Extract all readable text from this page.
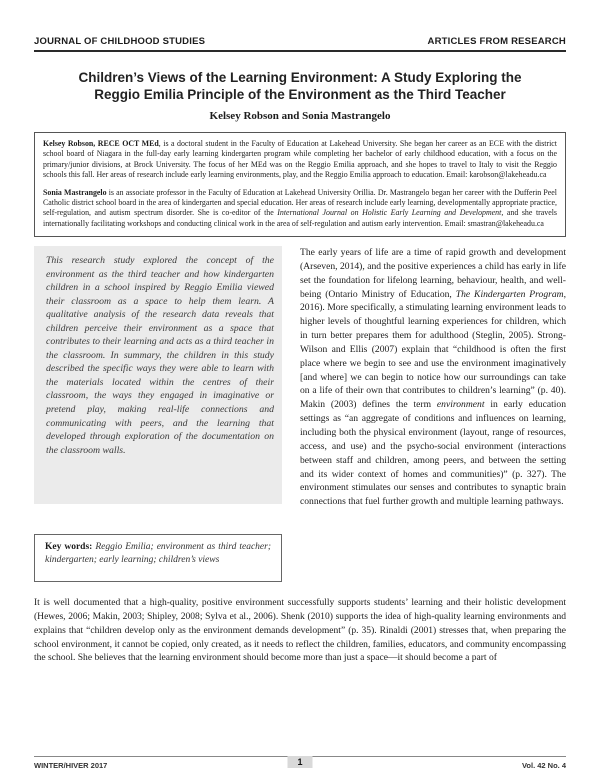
JOURNAL OF CHILDHOOD STUDIES	ARTICLES FROM RESEARCH
Children’s Views of the Learning Environment: A Study Exploring the
Reggio Emilia Principle of the Environment as the Third Teacher
Kelsey Robson and Sonia Mastrangelo

Kelsey Robson, RECE OCT MEd, is a doctoral student in the Faculty of Education at Lakehead University. She began her career as an ECE with the district school board of Niagara in the full-day early learning kindergarten program while completing her bachelor of early childhood education, with a focus on the primary/junior divisions, at Brock University. The focus of her MEd was on the Reggio Emilia approach, and she hopes to travel to Italy to visit the Reggio schools this fall. Her areas of research include early learning environments, play, and the Reggio Emilia approach to education. Email: karobson@lakeheadu.ca

Sonia Mastrangelo is an associate professor in the Faculty of Education at Lakehead University Orillia. Dr. Mastrangelo began her career with the Dufferin Peel Catholic district school board in the area of kindergarten and special education. Her areas of research include early learning, developmentally appropriate practice, self-regulation, and autism spectrum disorder. She is co-editor of the International Journal on Holistic Early Learning and Development, and she travels internationally facilitating workshops and conducting clinical work in the area of self-regulation and autism early intervention. Email: smastran@lakeheadu.ca

This research study explored the concept of the environment as the third teacher and how kindergarten children in a school inspired by Reggio Emilia viewed their classroom as a space to help them learn. A qualitative analysis of the research data reveals that children perceive their environment as a space that contributes to their learning and acts as a third teacher in the classroom. In summary, the children in this study described the specific ways they were able to learn with the materials located within the centres of their classroom, the ways they engaged in imaginative or pretend play, making real-life connections and communicating with peers, and the learning that developed through exploration of the documentation on the classroom walls.
Key words: Reggio Emilia; environment as third teacher; kindergarten; early learning; children’s views

The early years of life are a time of rapid growth and development (Arseven, 2014), and the positive experiences a child has early in life set the foundation for lifelong learning, behaviour, health, and well-being (Ontario Ministry of Education, The Kindergarten Program, 2016). More specifically, a stimulating learning environment leads to higher levels of thoughtful learning experiences for children, which in turn better prepares them for adulthood (Steglin, 2005). Strong-Wilson and Ellis (2007) explain that “childhood is often the first place where we begin to see and use the environment imaginatively [and where] we can begin to notice how our surroundings can take on a life of their own that contributes to children’s learning” (p. 40). Makin (2003) defines the term environment in early education settings as “an aggregate of conditions and influences on learning, including both the physical environment (layout, range of resources, access, and use) and the psycho-social environment (interactions between staff and children, among peers, and between the setting and its wider context of homes and communities)” (p. 327). The environment stimulates our senses and contributes to synaptic brain connections that fuel further growth and multiple learning pathways.

It is well documented that a high-quality, positive environment successfully supports students’ learning and their holistic development (Hewes, 2006; Makin, 2003; Shipley, 2008; Sylva et al., 2006). Shenk (2010) supports the idea of high-quality learning environments and explains that “children develop only as the environment demands development” (p. 35). Rinaldi (2001) stresses that, when preparing the school environment, it cannot be copied, only created, as it needs to reflect the children, families, educators, and community encompassing the school. She believes that the learning environment should become more than just a space—it should become a part of

WINTER/HIVER 2017	1	Vol. 42 No. 4
